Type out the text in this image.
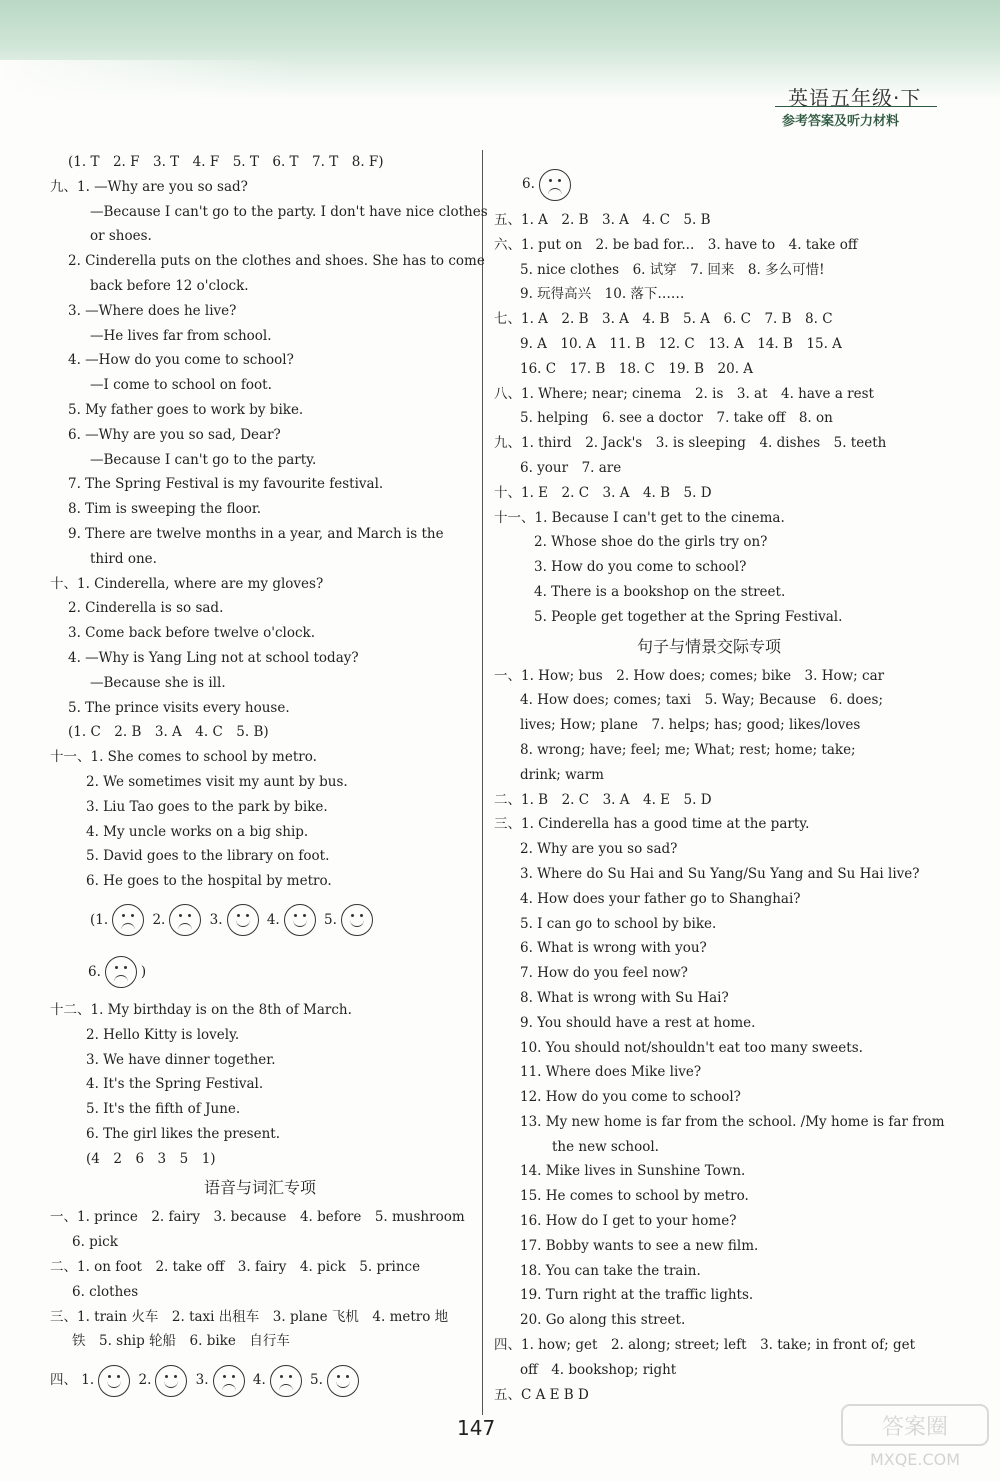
英语五年级·下
参考答案及听力材料
(1. T　2. F　3. T　4. F　5. T　6. T　7. T　8. F)
九、1. —Why are you so sad?
—Because I can't go to the party. I don't have nice clothes
or shoes.
2. Cinderella puts on the clothes and shoes. She has to come
back before 12 o'clock.
3. —Where does he live?
—He lives far from school.
4. —How do you come to school?
—I come to school on foot.
5. My father goes to work by bike.
6. —Why are you so sad, Dear?
—Because I can't go to the party.
7. The Spring Festival is my favourite festival.
8. Tim is sweeping the floor.
9. There are twelve months in a year, and March is the
third one.
十、1. Cinderella, where are my gloves?
2. Cinderella is so sad.
3. Come back before twelve o'clock.
4. —Why is Yang Ling not at school today?
—Because she is ill.
5. The prince visits every house.
(1. C　2. B　3. A　4. C　5. B)
十一、1. She comes to school by metro.
2. We sometimes visit my aunt by bus.
3. Liu Tao goes to the park by bike.
4. My uncle works on a big ship.
5. David goes to the library on foot.
6. He goes to the hospital by metro.
(1.	2.	3.	4.	5.
6.	)
十二、1. My birthday is on the 8th of March.
2. Hello Kitty is lovely.
3. We have dinner together.
4. It's the Spring Festival.
5. It's the fifth of June.
6. The girl likes the present.
(4　2　6　3　5　1)
语音与词汇专项
一、1. prince　2. fairy　3. because　4. before　5. mushroom
6. pick
二、1. on foot　2. take off　3. fairy　4. pick　5. prince
6. clothes
三、1. train 火车　2. taxi 出租车　3. plane 飞机　4. metro 地
铁　5. ship 轮船　6. bike　自行车
四、 1.	2.	3.	4.	5.
6.
五、1. A　2. B　3. A　4. C　5. B
六、1. put on　2. be bad for...　3. have to　4. take off
5. nice clothes　6. 试穿　7. 回来　8. 多么可惜!
9. 玩得高兴　10. 落下……
七、1. A　2. B　3. A　4. B　5. A　6. C　7. B　8. C
9. A　10. A　11. B　12. C　13. A　14. B　15. A
16. C　17. B　18. C　19. B　20. A
八、1. Where; near; cinema　2. is　3. at　4. have a rest
5. helping　6. see a doctor　7. take off　8. on
九、1. third　2. Jack's　3. is sleeping　4. dishes　5. teeth
6. your　7. are
十、1. E　2. C　3. A　4. B　5. D
十一、1. Because I can't get to the cinema.
2. Whose shoe do the girls try on?
3. How do you come to school?
4. There is a bookshop on the street.
5. People get together at the Spring Festival.
句子与情景交际专项
一、1. How; bus　2. How does; comes; bike　3. How; car
4. How does; comes; taxi　5. Way; Because　6. does;
lives; How; plane　7. helps; has; good; likes/loves
8. wrong; have; feel; me; What; rest; home; take;
drink; warm
二、1. B　2. C　3. A　4. E　5. D
三、1. Cinderella has a good time at the party.
2. Why are you so sad?
3. Where do Su Hai and Su Yang/Su Yang and Su Hai live?
4. How does your father go to Shanghai?
5. I can go to school by bike.
6. What is wrong with you?
7. How do you feel now?
8. What is wrong with Su Hai?
9. You should have a rest at home.
10. You should not/shouldn't eat too many sweets.
11. Where does Mike live?
12. How do you come to school?
13. My new home is far from the school. /My home is far from
the new school.
14. Mike lives in Sunshine Town.
15. He comes to school by metro.
16. How do I get to your home?
17. Bobby wants to see a new film.
18. You can take the train.
19. Turn right at the traffic lights.
20. Go along this street.
四、1. how; get　2. along; street; left　3. take; in front of; get
off　4. bookshop; right
五、C A E B D
147	答案圈
MXQE.COM
